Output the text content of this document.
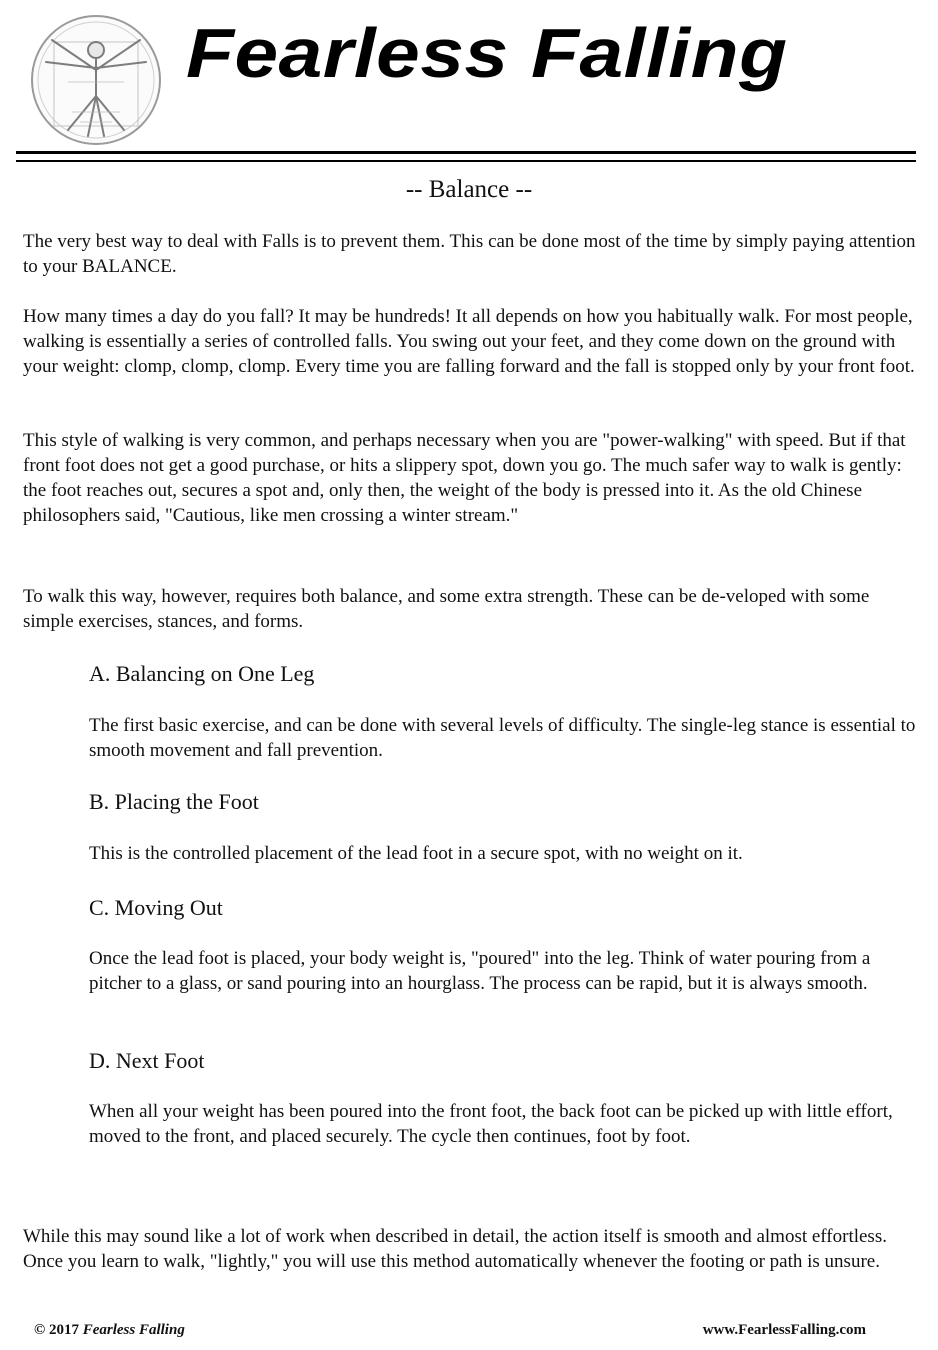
Fearless Falling
-- Balance --

The very best way to deal with Falls is to prevent them. This can be done most of the time by simply paying attention to your BALANCE.

How many times a day do you fall? It may be hundreds! It all depends on how you habitually walk. For most people, walking is essentially a series of controlled falls. You swing out your feet, and they come down on the ground with your weight: clomp, clomp, clomp. Every time you are falling forward and the fall is stopped only by your front foot.

This style of walking is very common, and perhaps necessary when you are "power-walking" with speed. But if that front foot does not get a good purchase, or hits a slippery spot, down you go. The much safer way to walk is gently: the foot reaches out, secures a spot and, only then, the weight of the body is pressed into it. As the old Chinese philosophers said, "Cautious, like men crossing a winter stream."

To walk this way, however, requires both balance, and some extra strength. These can be de-veloped with some simple exercises, stances, and forms.

A. Balancing on One Leg

The first basic exercise, and can be done with several levels of difficulty. The single-leg stance is essential to smooth movement and fall prevention.

B. Placing the Foot

This is the controlled placement of the lead foot in a secure spot, with no weight on it.

C. Moving Out

Once the lead foot is placed, your body weight is, "poured" into the leg. Think of water pouring from a pitcher to a glass, or sand pouring into an hourglass. The process can be rapid, but it is always smooth.

D. Next Foot

When all your weight has been poured into the front foot, the back foot can be picked up with little effort, moved to the front, and placed securely. The cycle then continues, foot by foot.

While this may sound like a lot of work when described in detail, the action itself is smooth and almost effortless. Once you learn to walk, "lightly," you will use this method automatically whenever the footing or path is unsure.

© 2017 Fearless Falling	www.FearlessFalling.com
